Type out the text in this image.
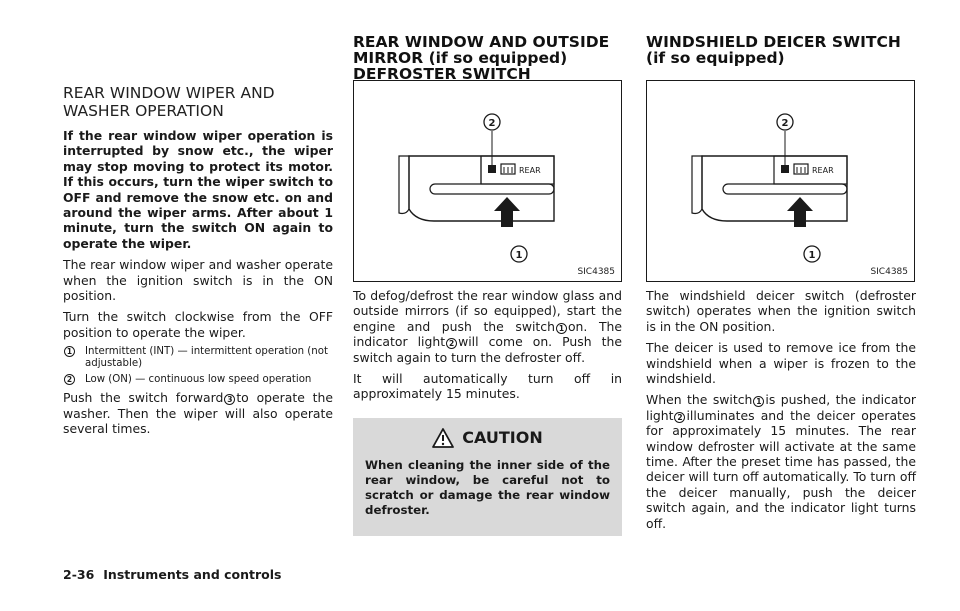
REAR WINDOW WIPER AND WASHER OPERATION

If the rear window wiper operation is interrupted by snow etc., the wiper may stop moving to protect its motor. If this occurs, turn the wiper switch to OFF and remove the snow etc. on and around the wiper arms. After about 1 minute, turn the switch ON again to operate the wiper.

The rear window wiper and washer operate when the ignition switch is in the ON position.

Turn the switch clockwise from the OFF position to operate the wiper.

1	Intermittent (INT) — intermittent operation (not adjustable)
2	Low (ON) — continuous low speed operation

Push the switch forward 3 to operate the washer. Then the wiper will also operate several times.

REAR WINDOW AND OUTSIDE MIRROR (if so equipped) DEFROSTER SWITCH
REAR
2
1
SIC4385

To defog/defrost the rear window glass and outside mirrors (if so equipped), start the engine and push the switch 1 on. The indicator light 2 will come on. Push the switch again to turn the defroster off.

It will automatically turn off in approximately 15 minutes.

CAUTION

When cleaning the inner side of the rear window, be careful not to scratch or damage the rear window defroster.

WINDSHIELD DEICER SWITCH (if so equipped)
REAR
2
1
SIC4385

The windshield deicer switch (defroster switch) operates when the ignition switch is in the ON position.

The deicer is used to remove ice from the windshield when a wiper is frozen to the windshield.

When the switch 1 is pushed, the indicator light 2 illuminates and the deicer operates for approximately 15 minutes. The rear window defroster will activate at the same time. After the preset time has passed, the deicer will turn off automatically. To turn off the deicer manually, push the deicer switch again, and the indicator light turns off.

2-36 Instruments and controls
